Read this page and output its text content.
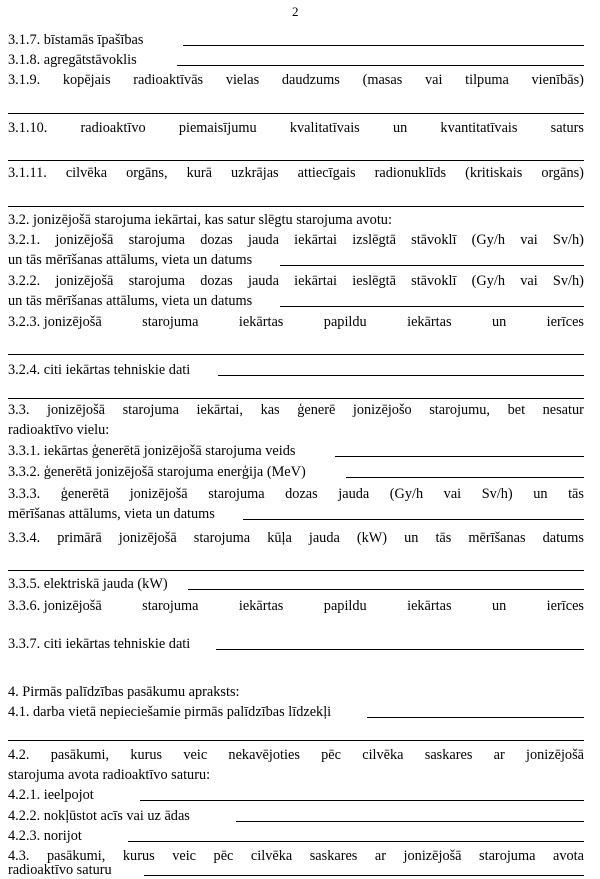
2
3.1.7. bīstamās īpašības
3.1.8. agregātstāvoklis
3.1.9. kopējais radioaktīvās vielas daudzums (masas vai tilpuma vienībās)
3.1.10. radioaktīvo piemaisījumu kvalitatīvais un kvantitatīvais saturs
3.1.11. cilvēka orgāns, kurā uzkrājas attiecīgais radionuklīds (kritiskais orgāns)
3.2. jonizējošā starojuma iekārtai, kas satur slēgtu starojuma avotu:
3.2.1. jonizējošā starojuma dozas jauda iekārtai izslēgtā stāvoklī (Gy/h vai Sv/h)
un tās mērīšanas attālums, vieta un datums
3.2.2. jonizējošā starojuma dozas jauda iekārtai ieslēgtā stāvoklī (Gy/h vai Sv/h)
un tās mērīšanas attālums, vieta un datums
3.2.3. jonizējošā	starojuma	iekārtas	papildu	iekārtas	un	ierīces
3.2.4. citi iekārtas tehniskie dati
3.3. jonizējošā starojuma iekārtai, kas ģenerē jonizējošo starojumu, bet nesatur
radioaktīvo vielu:
3.3.1. iekārtas ģenerētā jonizējošā starojuma veids
3.3.2. ģenerētā jonizējošā starojuma enerģija (MeV)
3.3.3. ģenerētā jonizējošā starojuma dozas jauda (Gy/h vai Sv/h) un tās
mērīšanas attālums, vieta un datums
3.3.4. primārā jonizējošā starojuma kūļa jauda (kW) un tās mērīšanas datums
3.3.5. elektriskā jauda (kW)
3.3.6. jonizējošā	starojuma	iekārtas	papildu	iekārtas	un	ierīces
3.3.7. citi iekārtas tehniskie dati
4. Pirmās palīdzības pasākumu apraksts:
4.1. darba vietā nepieciešamie pirmās palīdzības līdzekļi
4.2. pasākumi, kurus veic nekavējoties pēc cilvēka saskares ar jonizējošā
starojuma avota radioaktīvo saturu:
4.2.1. ieelpojot
4.2.2. nokļūstot acīs vai uz ādas
4.2.3. norijot
4.3. pasākumi, kurus veic pēc cilvēka saskares ar jonizējošā starojuma avota
radioaktīvo saturu
